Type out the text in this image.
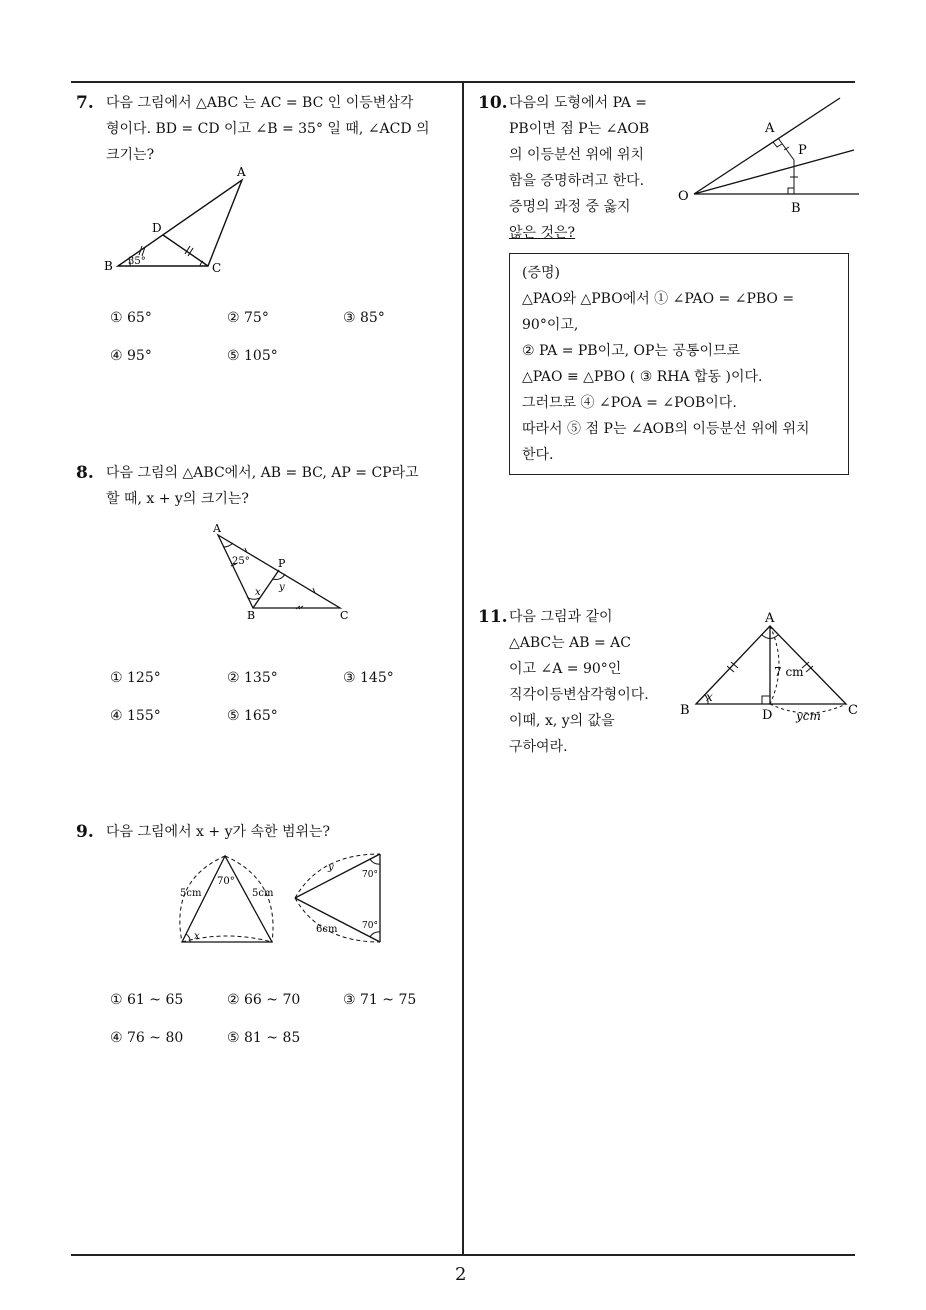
7. 다음 그림에서 △ABC 는 AC = BC 인 이등변삼각
형이다. BD = CD 이고 ∠B = 35° 일 때, ∠ACD 의
크기는?
A
B	C
D
35°
① 65°	② 75°	③ 85°
④ 95°	⑤ 105°
8. 다음 그림의 △ABC에서, AB = BC, AP = CP라고
할 때, x + y의 크기는?
A
B	C
P
25°
x y
① 125°	② 135°	③ 145°
④ 155°	⑤ 165°
9. 다음 그림에서 x + y가 속한 범위는?
5cm	5cm
70°
x
y
70°
70°
6cm
① 61 ~ 65	② 66 ~ 70	③ 71 ~ 75
④ 76 ~ 80	⑤ 81 ~ 85
10. 다음의 도형에서 PA =
PB이면 점 P는 ∠AOB
의 이등분선 위에 위치
함을 증명하려고 한다.
증명의 과정 중 옳지
않은 것은?
O
A
P
B
(증명)
△PAO와 △PBO에서 ① ∠PAO = ∠PBO =
90°이고,
② PA = PB이고, OP는 공통이므로
△PAO ≡ △PBO ( ③ RHA 합동 )이다.
그러므로 ④ ∠POA = ∠POB이다.
따라서 ⑤ 점 P는 ∠AOB의 이등분선 위에 위치
한다.
11. 다음 그림과 같이
△ABC는 AB = AC
이고 ∠A = 90°인
직각이등변삼각형이다.
이때, x, y의 값을
구하여라.
A
B	C
D
7 cm
x
ycm
2
